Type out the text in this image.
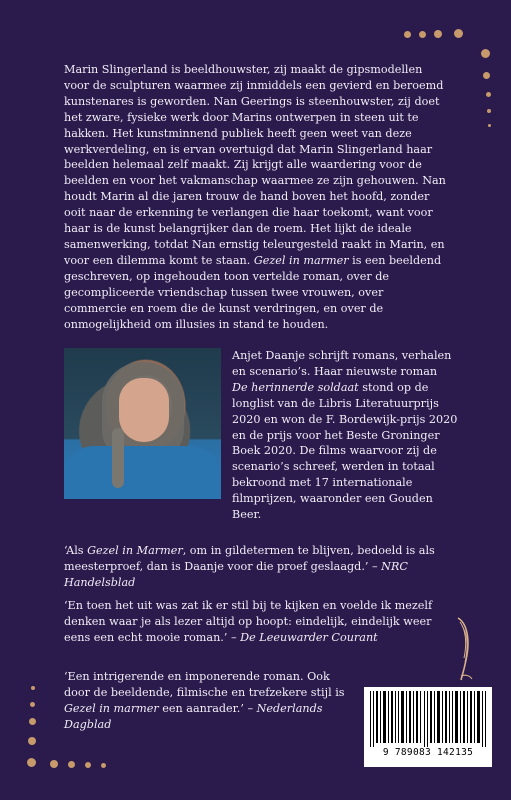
Marin Slingerland is beeldhouwster, zij maakt de gipsmodellen voor de sculpturen waarmee zij inmiddels een gevierd en beroemd kunstenares is geworden. Nan Geerings is steenhouwster, zij doet het zware, fysieke werk door Marins ontwerpen in steen uit te hakken. Het kunstminnend publiek heeft geen weet van deze werkverdeling, en is ervan overtuigd dat Marin Slingerland haar beelden helemaal zelf maakt. Zij krijgt alle waardering voor de beelden en voor het vakmanschap waarmee ze zijn gehouwen. Nan houdt Marin al die jaren trouw de hand boven het hoofd, zonder ooit naar de erkenning te verlangen die haar toekomt, want voor haar is de kunst belangrijker dan de roem. Het lijkt de ideale samenwerking, totdat Nan ernstig teleurgesteld raakt in Marin, en voor een dilemma komt te staan. Gezel in marmer is een beeldend geschreven, op ingehouden toon vertelde roman, over de gecompliceerde vriendschap tussen twee vrouwen, over commercie en roem die de kunst verdringen, en over de onmogelijkheid om illusies in stand te houden.

Anjet Daanje schrijft romans, verhalen en scenario’s. Haar nieuwste roman
De herinnerde soldaat stond op de longlist van de Libris Literatuurprijs 2020 en won de F. Bordewijk-prijs 2020 en de prijs voor het Beste Groninger Boek 2020. De films waarvoor zij de scenario’s schreef, werden in totaal bekroond met 17 internationale filmprijzen, waaronder een Gouden Beer.

‘Als Gezel in Marmer, om in gildetermen te blijven, bedoeld is als meesterproef, dan is Daanje voor die proef geslaagd.’ – NRC Handelsblad

‘En toen het uit was zat ik er stil bij te kijken en voelde ik mezelf denken waar je als lezer altijd op hoopt: eindelijk, eindelijk weer eens een echt mooie roman.’ – De Leeuwarder Courant

‘Een intrigerende en imponerende roman. Ook door de beeldende, filmische en trefzekere stijl is Gezel in marmer een aanrader.’ – Nederlands Dagblad

9 789083 142135
